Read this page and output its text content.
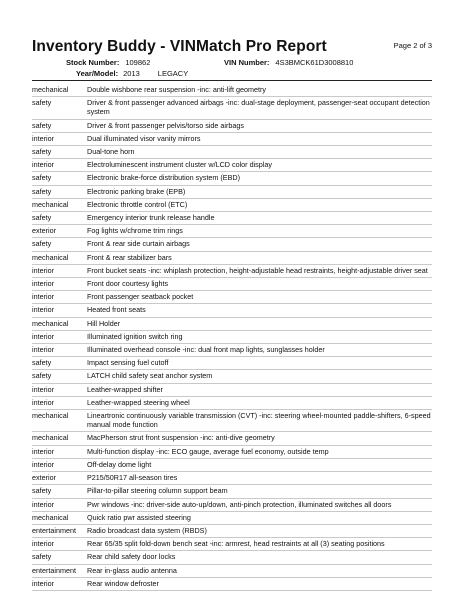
Inventory Buddy - VINMatch Pro Report	Page 2 of 3
Stock Number: 109862	VIN Number: 4S3BMCK61D3008810
Year/Model: 2013 LEGACY
mechanical	Double wishbone rear suspension -inc: anti-lift geometry
safety	Driver & front passenger advanced airbags -inc: dual-stage deployment, passenger-seat occupant detection system
safety	Driver & front passenger pelvis/torso side airbags
interior	Dual illuminated visor vanity mirrors
safety	Dual-tone horn
interior	Electroluminescent instrument cluster w/LCD color display
safety	Electronic brake-force distribution system (EBD)
safety	Electronic parking brake (EPB)
mechanical	Electronic throttle control (ETC)
safety	Emergency interior trunk release handle
exterior	Fog lights w/chrome trim rings
safety	Front & rear side curtain airbags
mechanical	Front & rear stabilizer bars
interior	Front bucket seats -inc: whiplash protection, height-adjustable head restraints, height-adjustable driver seat
interior	Front door courtesy lights
interior	Front passenger seatback pocket
interior	Heated front seats
mechanical	Hill Holder
interior	Illuminated ignition switch ring
interior	Illuminated overhead console -inc: dual front map lights, sunglasses holder
safety	Impact sensing fuel cutoff
safety	LATCH child safety seat anchor system
interior	Leather-wrapped shifter
interior	Leather-wrapped steering wheel
mechanical	Lineartronic continuously variable transmission (CVT) -inc: steering wheel-mounted paddle-shifters, 6-speed manual mode function
mechanical	MacPherson strut front suspension -inc: anti-dive geometry
interior	Multi-function display -inc: ECO gauge, average fuel economy, outside temp
interior	Off-delay dome light
exterior	P215/50R17 all-season tires
safety	Pillar-to-pillar steering column support beam
interior	Pwr windows -inc: driver-side auto-up/down, anti-pinch protection, illuminated switches all doors
mechanical	Quick ratio pwr assisted steering
entertainment	Radio broadcast data system (RBDS)
interior	Rear 65/35 split fold-down bench seat -inc: armrest, head restraints at all (3) seating positions
safety	Rear child safety door locks
entertainment	Rear in-glass audio antenna
interior	Rear window defroster
